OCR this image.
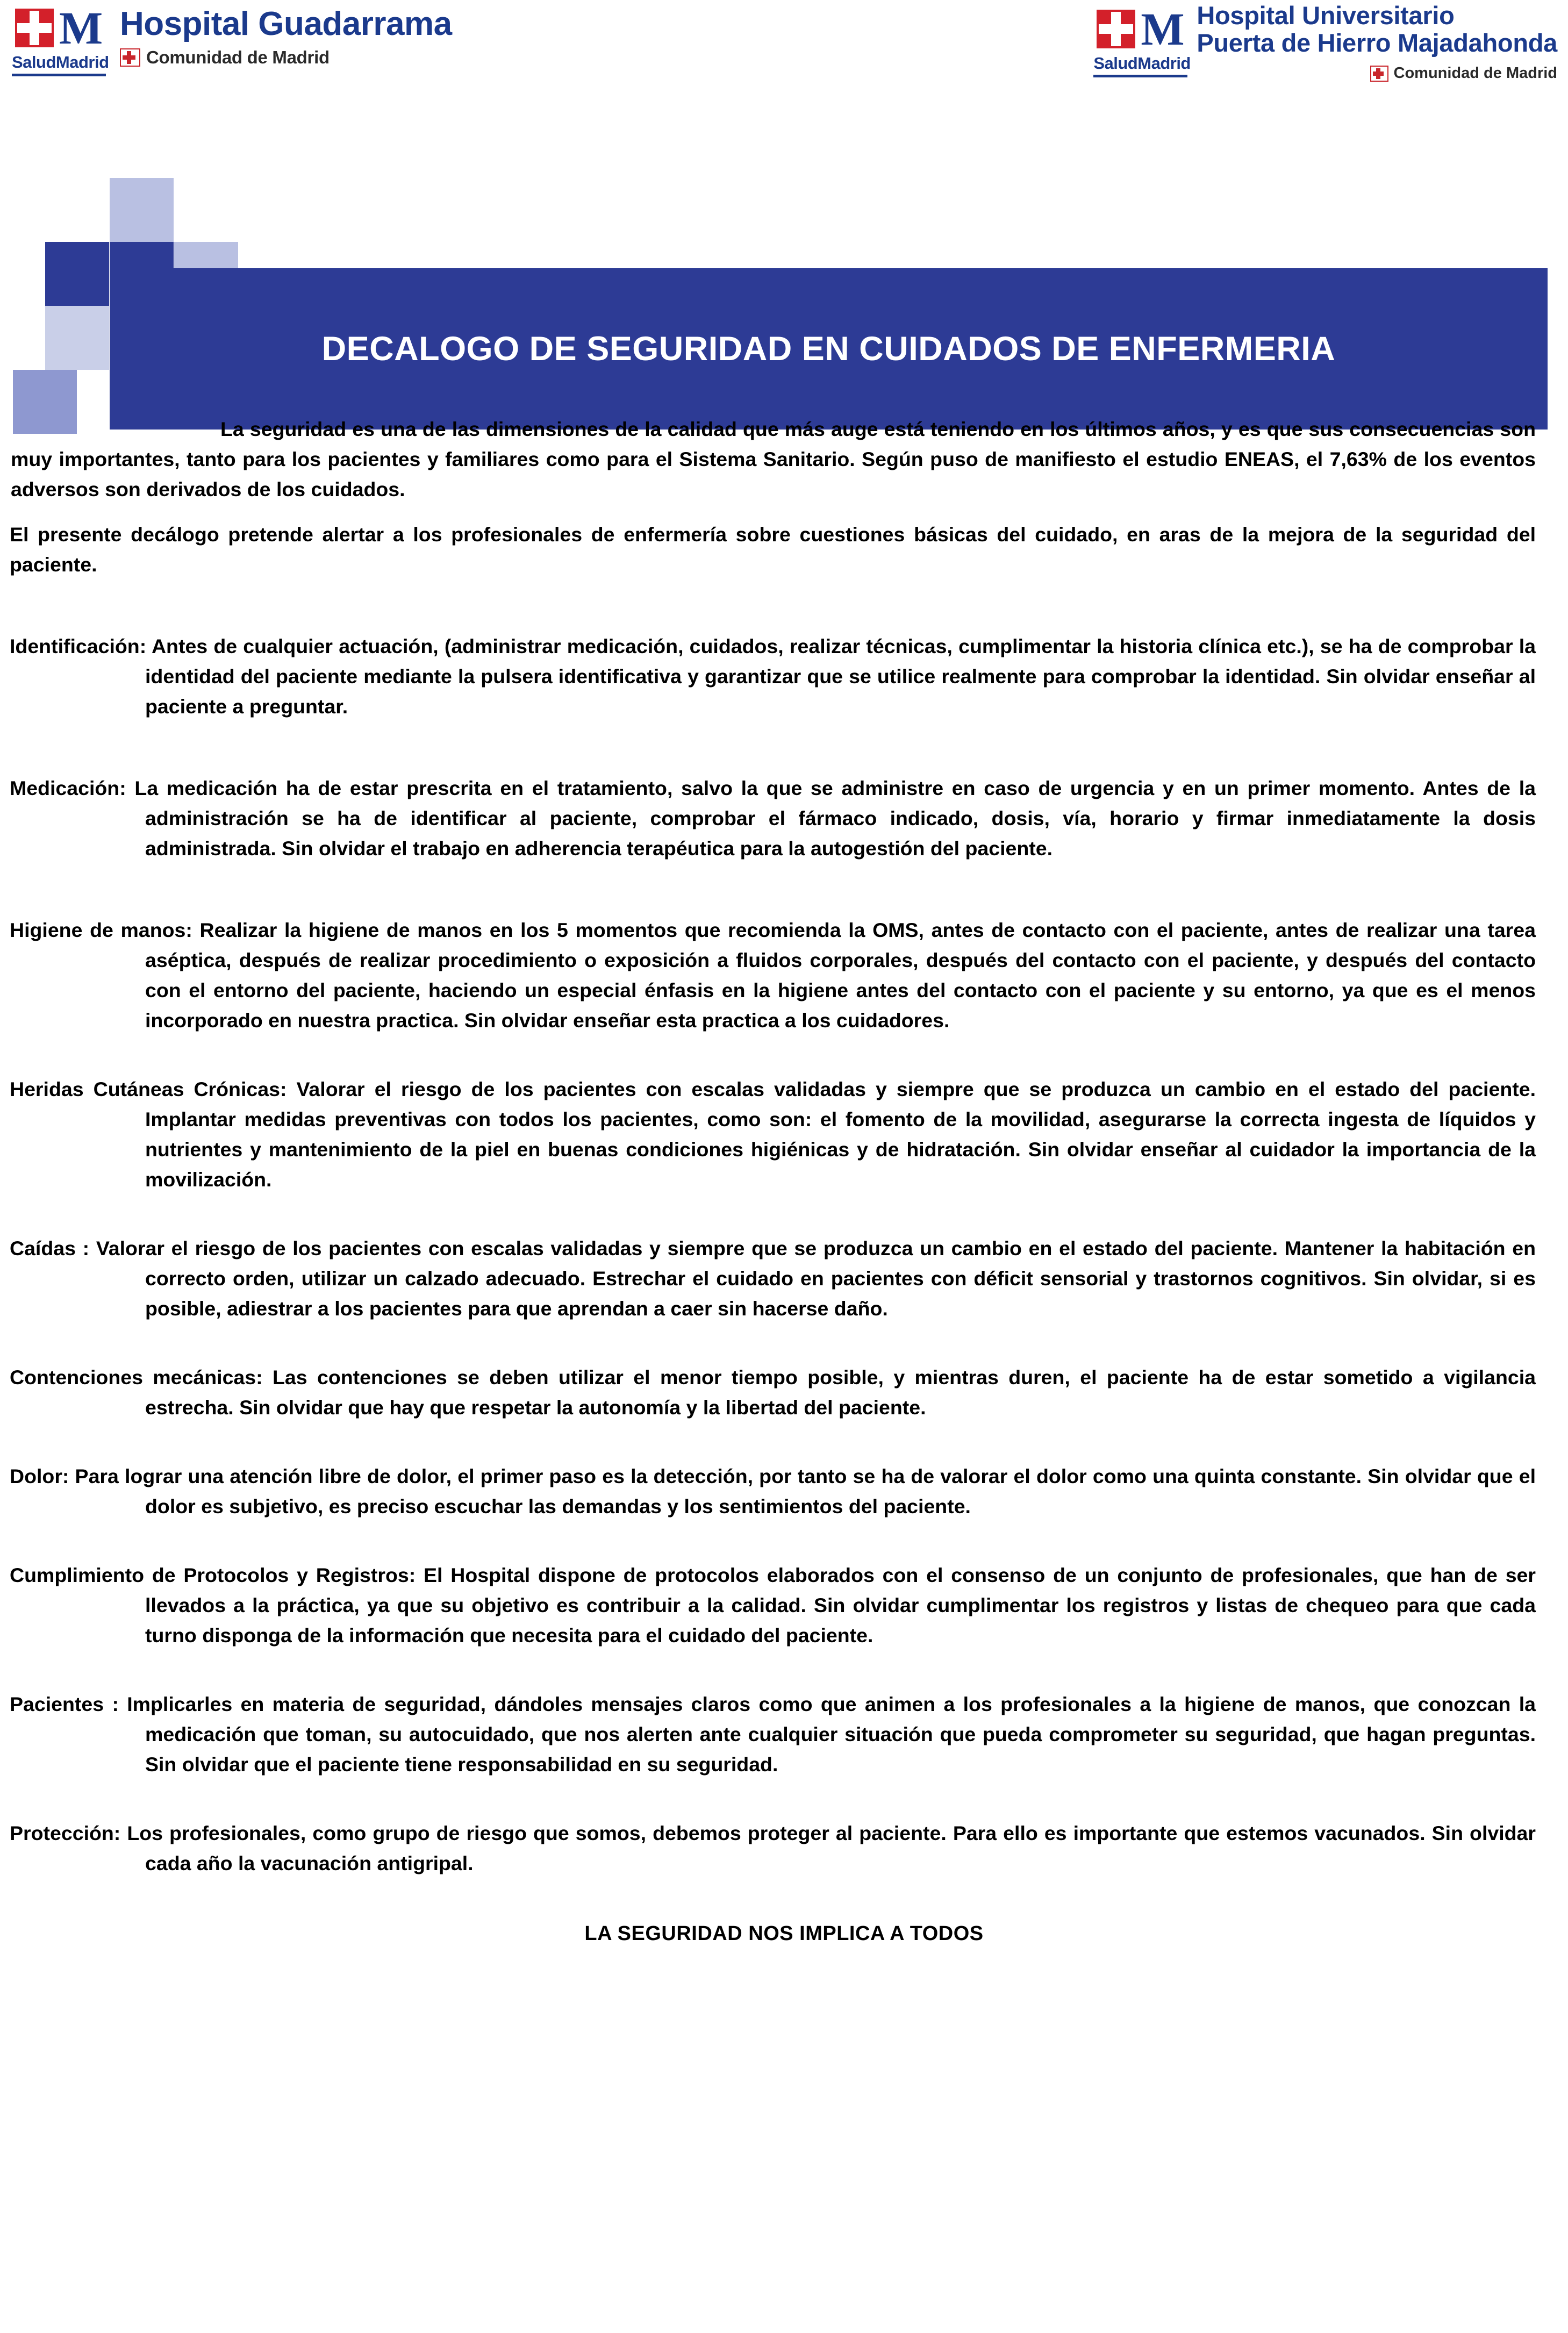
M
SaludMadrid
Hospital Guadarrama
Comunidad de Madrid
M
SaludMadrid
Hospital Universitario
Puerta de Hierro Majadahonda
Comunidad de Madrid
DECALOGO DE SEGURIDAD EN CUIDADOS DE ENFERMERIA
La seguridad es una de las dimensiones de la calidad que más auge está teniendo en los últimos años, y es que sus consecuencias son muy importantes, tanto para los pacientes y familiares como para el Sistema Sanitario. Según puso de manifiesto el estudio ENEAS, el 7,63% de los eventos adversos son derivados de los cuidados.
El presente decálogo pretende alertar a los profesionales de enfermería sobre cuestiones básicas del cuidado, en aras de la mejora de la seguridad del paciente.
Identificación: Antes de cualquier actuación, (administrar medicación, cuidados, realizar técnicas, cumplimentar la historia clínica etc.), se ha de comprobar la identidad del paciente mediante la pulsera identificativa y garantizar que se utilice realmente para comprobar la identidad. Sin olvidar enseñar al paciente a preguntar.
Medicación: La medicación ha de estar prescrita en el tratamiento, salvo la que se administre en caso de urgencia y en un primer momento. Antes de la administración se ha de identificar al paciente, comprobar el fármaco indicado, dosis, vía, horario y firmar inmediatamente la dosis administrada. Sin olvidar el trabajo en adherencia terapéutica para la autogestión del paciente.
Higiene de manos: Realizar la higiene de manos en los 5 momentos que recomienda la OMS, antes de contacto con el paciente, antes de realizar una tarea aséptica, después de realizar procedimiento o exposición a fluidos corporales, después del contacto con el paciente, y después del contacto con el entorno del paciente, haciendo un especial énfasis en la higiene antes del contacto con el paciente y su entorno, ya que es el menos incorporado en nuestra practica. Sin olvidar enseñar esta practica a los cuidadores.
Heridas Cutáneas Crónicas: Valorar el riesgo de los pacientes con escalas validadas y siempre que se produzca un cambio en el estado del paciente. Implantar medidas preventivas con todos los pacientes, como son: el fomento de la movilidad, asegurarse la correcta ingesta de líquidos y nutrientes y mantenimiento de la piel en buenas condiciones higiénicas y de hidratación. Sin olvidar enseñar al cuidador la importancia de la movilización.
Caídas : Valorar el riesgo de los pacientes con escalas validadas y siempre que se produzca un cambio en el estado del paciente. Mantener la habitación en correcto orden, utilizar un calzado adecuado. Estrechar el cuidado en pacientes con déficit sensorial y trastornos cognitivos. Sin olvidar, si es posible, adiestrar a los pacientes para que aprendan a caer sin hacerse daño.
Contenciones mecánicas: Las contenciones se deben utilizar el menor tiempo posible, y mientras duren, el paciente ha de estar sometido a vigilancia estrecha. Sin olvidar que hay que respetar la autonomía y la libertad del paciente.
Dolor: Para lograr una atención libre de dolor, el primer paso es la detección, por tanto se ha de valorar el dolor como una quinta constante. Sin olvidar que el dolor es subjetivo, es preciso escuchar las demandas y los sentimientos del paciente.
Cumplimiento de Protocolos y Registros: El Hospital dispone de protocolos elaborados con el consenso de un conjunto de profesionales, que han de ser llevados a la práctica, ya que su objetivo es contribuir a la calidad. Sin olvidar cumplimentar los registros y listas de chequeo para que cada turno disponga de la información que necesita para el cuidado del paciente.
Pacientes : Implicarles en materia de seguridad, dándoles mensajes claros como que animen a los profesionales a la higiene de manos, que conozcan la medicación que toman, su autocuidado, que nos alerten ante cualquier situación que pueda comprometer su seguridad, que hagan preguntas. Sin olvidar que el paciente tiene responsabilidad en su seguridad.
Protección: Los profesionales, como grupo de riesgo que somos, debemos proteger al paciente. Para ello es importante que estemos vacunados. Sin olvidar cada año la vacunación antigripal.
LA SEGURIDAD NOS IMPLICA A TODOS
